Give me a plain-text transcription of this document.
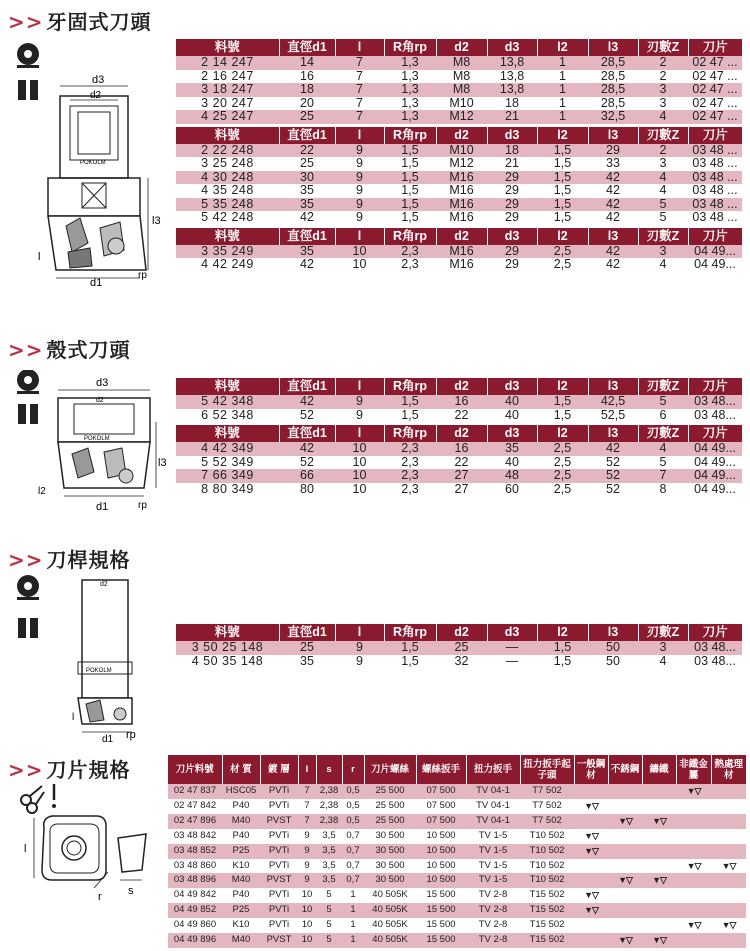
>> 牙固式刀頭
>> 殼式刀頭
>> 刀桿規格
>> 刀片規格
d3
d2
l3
l
rp
d1
POKOLM
d3
d2
l3
l2
rp
d1
POKOLM
d2
l
rp
d1
POKOLM
l
r s
料號	直徑d1	l	R角rp	d2	d3	l2	l3	刃數Z	刀片
2 14 247	14	7	1,3	M8	13,8	1	28,5	2	02 47 ...
2 16 247	16	7	1,3	M8	13,8	1	28,5	2	02 47 ...
3 18 247	18	7	1,3	M8	13,8	1	28,5	3	02 47 ...
3 20 247	20	7	1,3	M10	18	1	28,5	3	02 47 ...
4 25 247	25	7	1,3	M12	21	1	32,5	4	02 47 ...
料號	直徑d1	l	R角rp	d2	d3	l2	l3	刃數Z	刀片
2 22 248	22	9	1,5	M10	18	1,5	29	2	03 48 ...
3 25 248	25	9	1,5	M12	21	1,5	33	3	03 48 ...
4 30 248	30	9	1,5	M16	29	1,5	42	4	03 48 ...
4 35 248	35	9	1,5	M16	29	1,5	42	4	03 48 ...
5 35 248	35	9	1,5	M16	29	1,5	42	5	03 48 ...
5 42 248	42	9	1,5	M16	29	1,5	42	5	03 48 ...
料號	直徑d1	l	R角rp	d2	d3	l2	l3	刃數Z	刀片
3 35 249	35	10	2,3	M16	29	2,5	42	3	04 49...
4 42 249	42	10	2,3	M16	29	2,5	42	4	04 49...
料號	直徑d1	l	R角rp	d2	d3	l2	l3	刃數Z	刀片
5 42 348	42	9	1,5	16	40	1,5	42,5	5	03 48...
6 52 348	52	9	1,5	22	40	1,5	52,5	6	03 48...
料號	直徑d1	l	R角rp	d2	d3	l2	l3	刃數Z	刀片
4 42 349	42	10	2,3	16	35	2,5	42	4	04 49...
5 52 349	52	10	2,3	22	40	2,5	52	5	04 49...
7 66 349	66	10	2,3	27	48	2,5	52	7	04 49...
8 80 349	80	10	2,3	27	60	2,5	52	8	04 49...
料號	直徑d1	l	R角rp	d2	d3	l2	l3	刃數Z	刀片
3 50 25 148	25	9	1,5	25	—	1,5	50	3	03 48...
4 50 35 148	35	9	1,5	32	—	1,5	50	4	03 48...
刀片料號	材 質	鍍 層	l	s	r	刀片螺絲	螺絲扳手	扭力扳手	扭力扳手起子頭	一般鋼材	不銹鋼	鑄鐵	非鐵金屬	熱處理材
02 47 837	HSC05	PVTi	7	2,38	0,5	25 500	07 500	TV 04-1	T7 502				▼▽	
02 47 842	P40	PVTi	7	2,38	0,5	25 500	07 500	TV 04-1	T7 502	▼▽				
02 47 896	M40	PVST	7	2,38	0,5	25 500	07 500	TV 04-1	T7 502		▼▽	▼▽		
03 48 842	P40	PVTi	9	3,5	0,7	30 500	10 500	TV 1-5	T10 502	▼▽				
03 48 852	P25	PVTi	9	3,5	0,7	30 500	10 500	TV 1-5	T10 502	▼▽				
03 48 860	K10	PVTi	9	3,5	0,7	30 500	10 500	TV 1-5	T10 502				▼▽	▼▽
03 48 896	M40	PVST	9	3,5	0,7	30 500	10 500	TV 1-5	T10 502		▼▽	▼▽		
04 49 842	P40	PVTi	10	5	1	40 505K	15 500	TV 2-8	T15 502	▼▽				
04 49 852	P25	PVTi	10	5	1	40 505K	15 500	TV 2-8	T15 502	▼▽				
04 49 860	K10	PVTi	10	5	1	40 505K	15 500	TV 2-8	T15 502				▼▽	▼▽
04 49 896	M40	PVST	10	5	1	40 505K	15 500	TV 2-8	T15 502		▼▽	▼▽		
